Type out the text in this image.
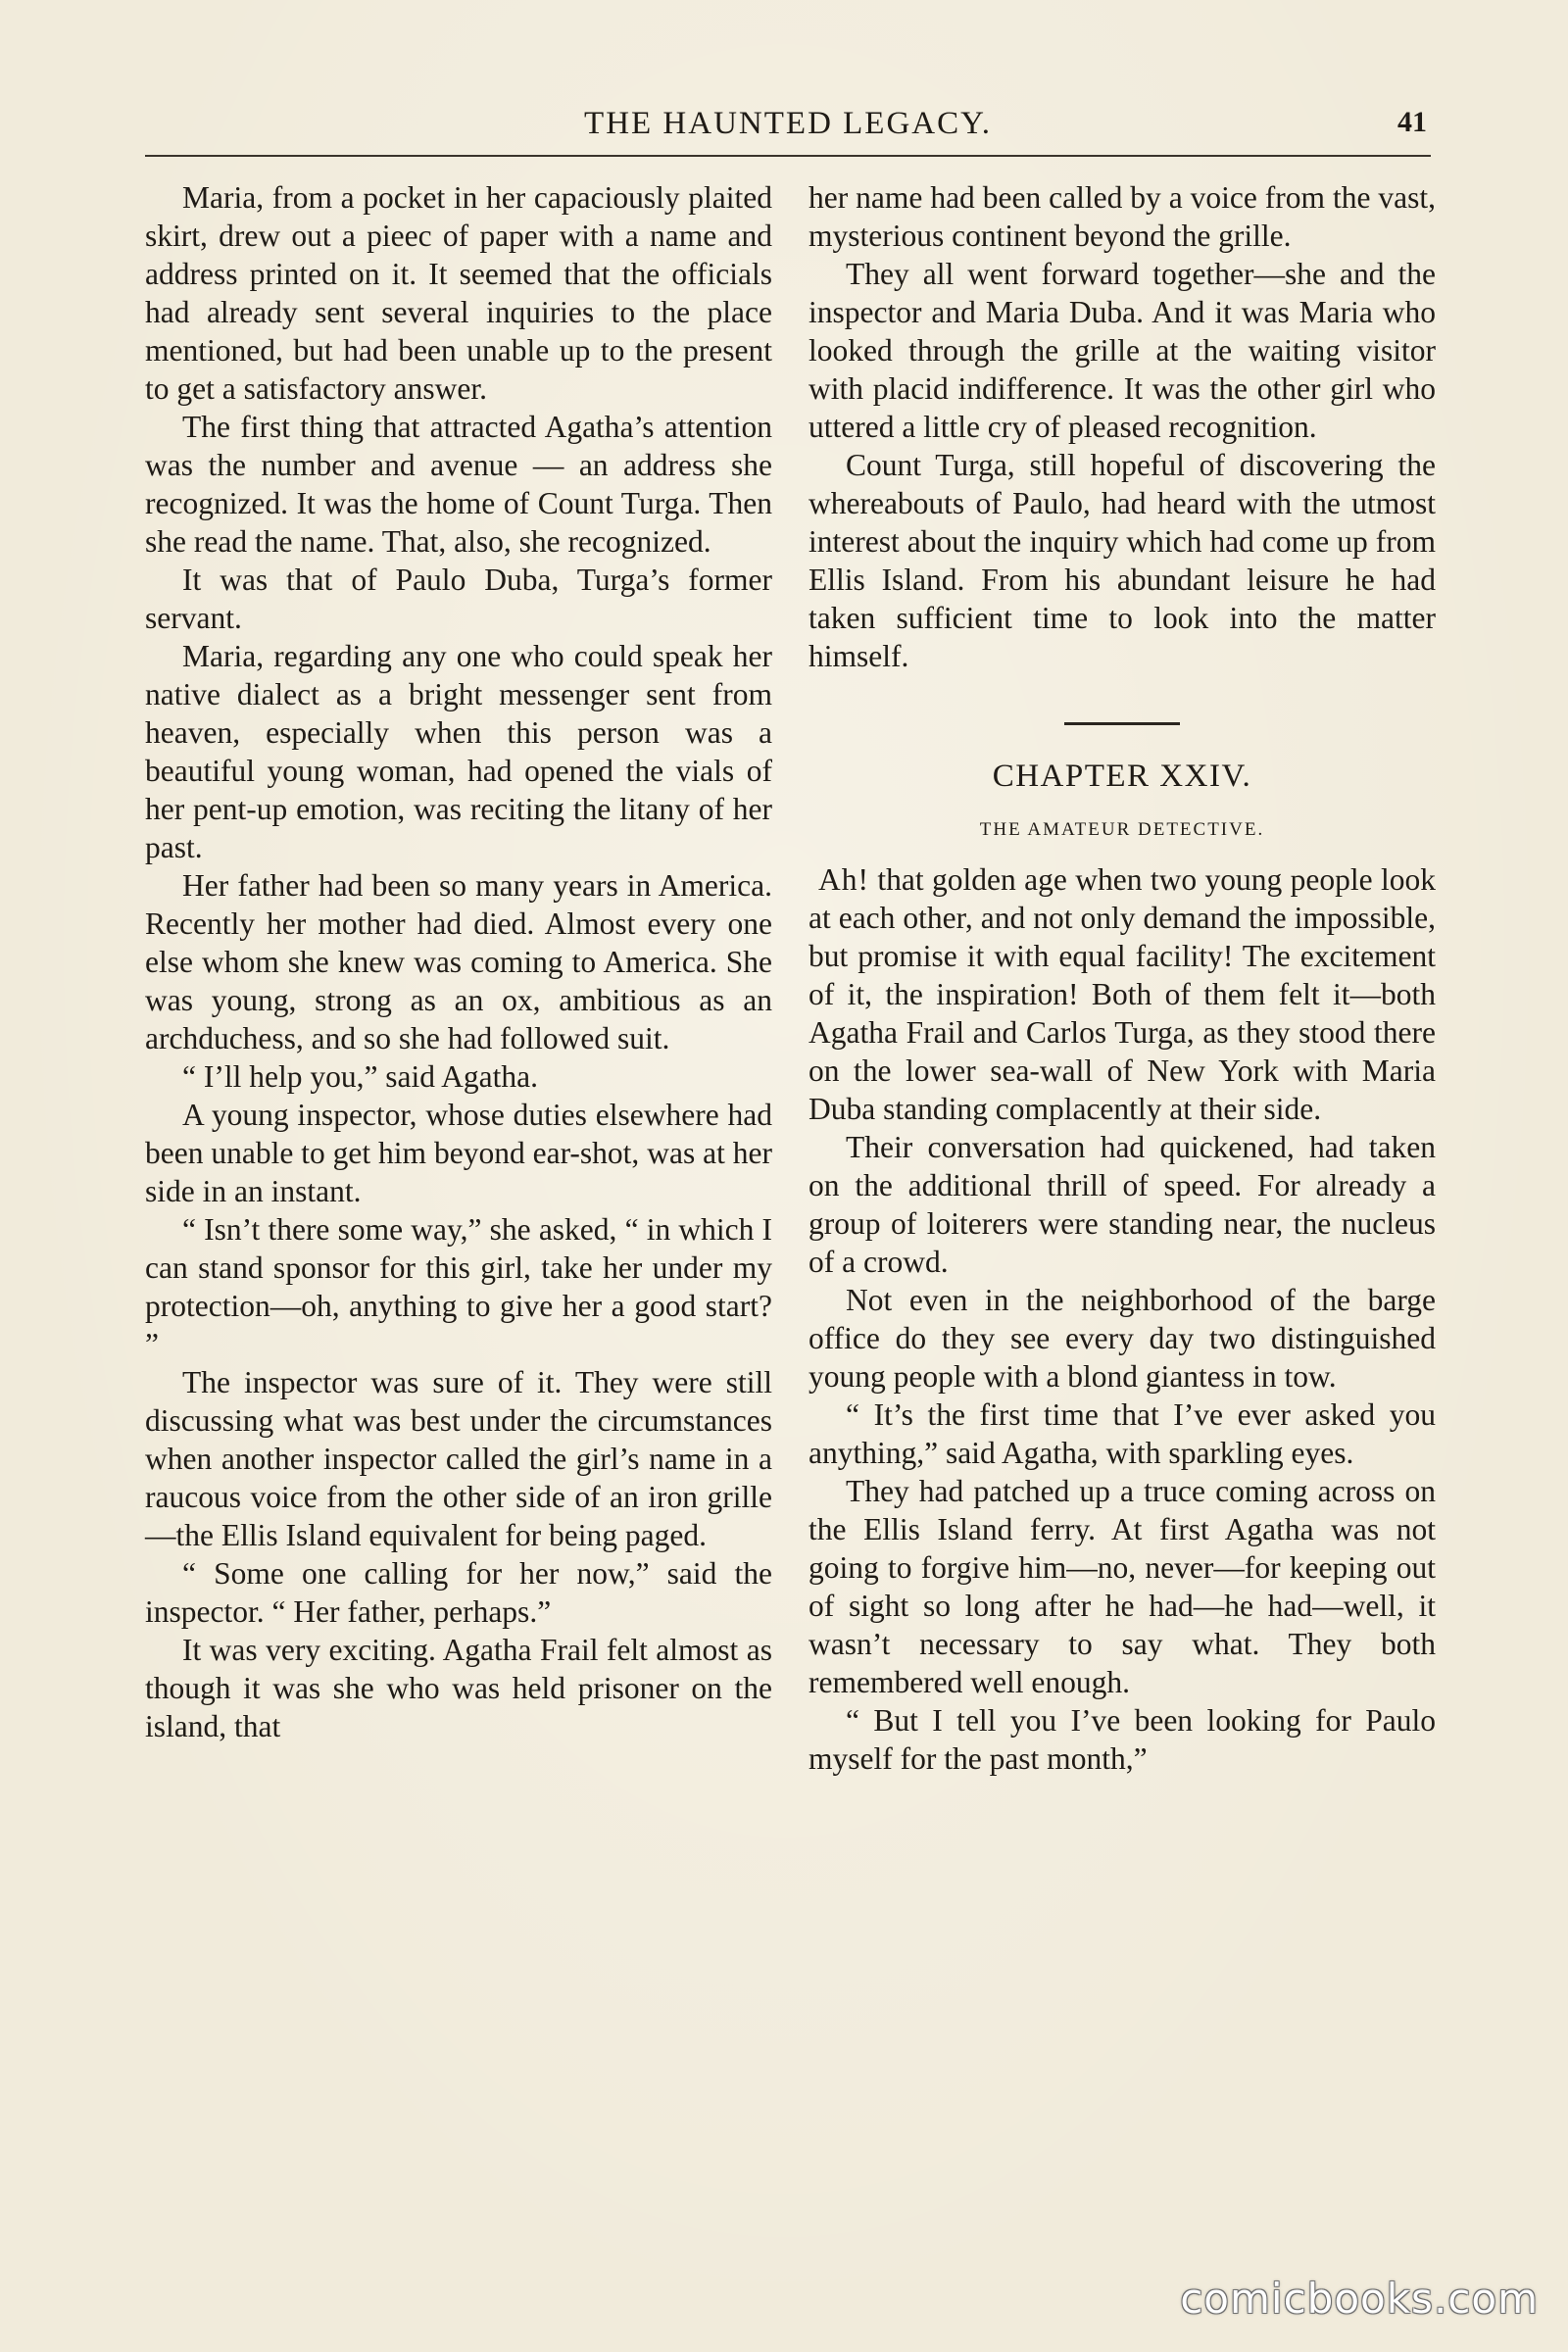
THE HAUNTED LEGACY.	41

Maria, from a pocket in her capaciously plaited skirt, drew out a pieec of paper with a name and address printed on it. It seemed that the officials had already sent several inquiries to the place mentioned, but had been unable up to the present to get a satisfactory answer.

The first thing that attracted Agatha’s attention was the number and avenue — an address she recognized. It was the home of Count Turga. Then she read the name. That, also, she recognized.

It was that of Paulo Duba, Turga’s former servant.

Maria, regarding any one who could speak her native dialect as a bright messenger sent from heaven, especially when this person was a beautiful young woman, had opened the vials of her pent-up emotion, was reciting the litany of her past.

Her father had been so many years in America. Recently her mother had died. Almost every one else whom she knew was coming to America. She was young, strong as an ox, ambitious as an archduchess, and so she had followed suit.

“ I’ll help you,” said Agatha.

A young inspector, whose duties elsewhere had been unable to get him beyond ear-shot, was at her side in an instant.

“ Isn’t there some way,” she asked, “ in which I can stand sponsor for this girl, take her under my protection—oh, anything to give her a good start? ”

The inspector was sure of it. They were still discussing what was best under the circumstances when another inspector called the girl’s name in a raucous voice from the other side of an iron grille—the Ellis Island equivalent for being paged.

“ Some one calling for her now,” said the inspector. “ Her father, perhaps.”

It was very exciting. Agatha Frail felt almost as though it was she who was held prisoner on the island, that

her name had been called by a voice from the vast, mysterious continent beyond the grille.

They all went forward together—she and the inspector and Maria Duba. And it was Maria who looked through the grille at the waiting visitor with placid indifference. It was the other girl who uttered a little cry of pleased recognition.

Count Turga, still hopeful of discovering the whereabouts of Paulo, had heard with the utmost interest about the inquiry which had come up from Ellis Island. From his abundant leisure he had taken sufficient time to look into the matter himself.

CHAPTER XXIV.
THE AMATEUR DETECTIVE.

Ah! that golden age when two young people look at each other, and not only demand the impossible, but promise it with equal facility! The excitement of it, the inspiration! Both of them felt it—both Agatha Frail and Carlos Turga, as they stood there on the lower sea-wall of New York with Maria Duba standing complacently at their side.

Their conversation had quickened, had taken on the additional thrill of speed. For already a group of loiterers were standing near, the nucleus of a crowd.

Not even in the neighborhood of the barge office do they see every day two distinguished young people with a blond giantess in tow.

“ It’s the first time that I’ve ever asked you anything,” said Agatha, with sparkling eyes.

They had patched up a truce coming across on the Ellis Island ferry. At first Agatha was not going to forgive him—no, never—for keeping out of sight so long after he had—he had—well, it wasn’t necessary to say what. They both remembered well enough.

“ But I tell you I’ve been looking for Paulo myself for the past month,”

comicbooks.com
